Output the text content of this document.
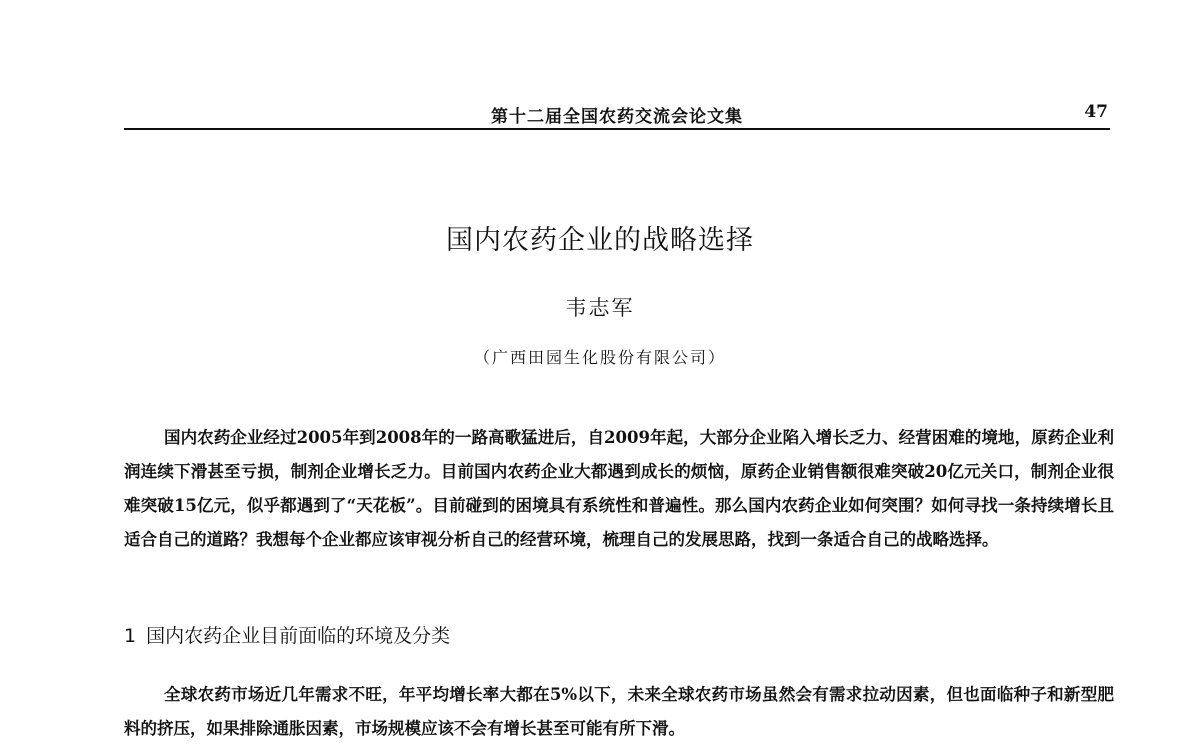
第十二届全国农药交流会论文集	47
国内农药企业的战略选择
韦志军
（广西田园生化股份有限公司）

国内农药企业经过2005年到2008年的一路高歌猛进后，自2009年起，大部分企业陷入增长乏力、经营困难的境地，原药企业利润连续下滑甚至亏损，制剂企业增长乏力。目前国内农药企业大都遇到成长的烦恼，原药企业销售额很难突破20亿元关口，制剂企业很难突破15亿元，似乎都遇到了“天花板”。目前碰到的困境具有系统性和普遍性。那么国内农药企业如何突围？如何寻找一条持续增长且适合自己的道路？我想每个企业都应该审视分析自己的经营环境，梳理自己的发展思路，找到一条适合自己的战略选择。

1 国内农药企业目前面临的环境及分类

全球农药市场近几年需求不旺，年平均增长率大都在5%以下，未来全球农药市场虽然会有需求拉动因素，但也面临种子和新型肥料的挤压，如果排除通胀因素，市场规模应该不会有增长甚至可能有所下滑。
